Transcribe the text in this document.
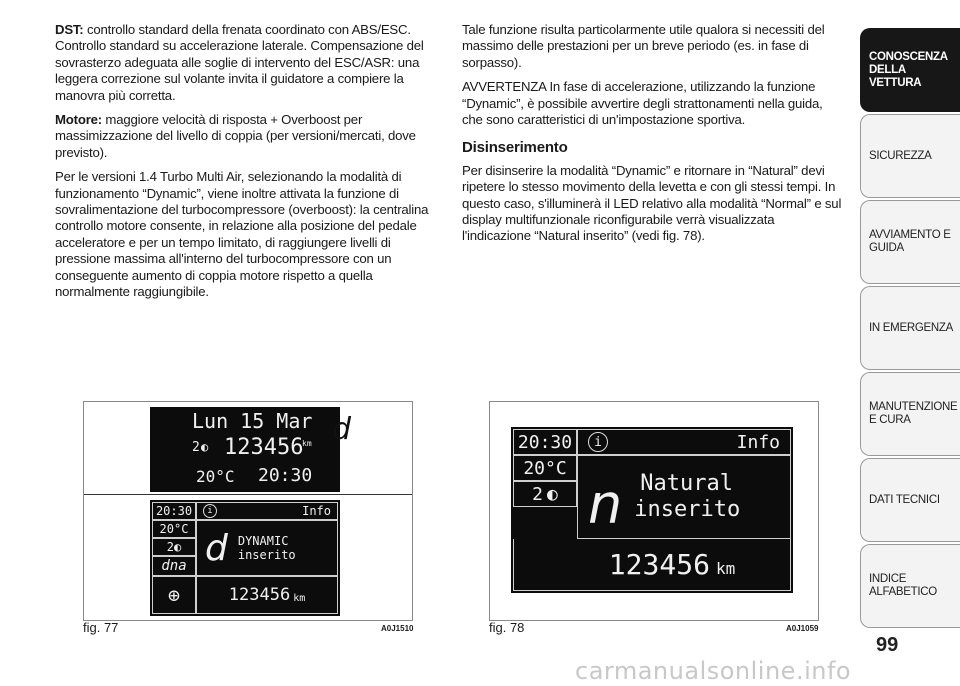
DST: controllo standard della frenata coordinato con ABS/ESC. Controllo standard su accelerazione laterale. Compensazione del sovrasterzo adeguata alle soglie di intervento del ESC/ASR: una leggera correzione sul volante invita il guidatore a compiere la manovra più corretta.

Motore: maggiore velocità di risposta + Overboost per massimizzazione del livello di coppia (per versioni/mercati, dove previsto).

Per le versioni 1.4 Turbo Multi Air, selezionando la modalità di funzionamento “Dynamic”, viene inoltre attivata la funzione di sovralimentazione del turbocompressore (overboost): la centralina controllo motore consente, in relazione alla posizione del pedale acceleratore e per un tempo limitato, di raggiungere livelli di pressione massima all'interno del turbocompressore con un conseguente aumento di coppia motore rispetto a quella normalmente raggiungibile.

Tale funzione risulta particolarmente utile qualora si necessiti del massimo delle prestazioni per un breve periodo (es. in fase di sorpasso).

AVVERTENZA In fase di accelerazione, utilizzando la funzione “Dynamic”, è possibile avvertire degli strattonamenti nella guida, che sono caratteristici di un'impostazione sportiva.

Disinserimento

Per disinserire la modalità “Dynamic” e ritornare in “Natural” devi ripetere lo stesso movimento della levetta e con gli stessi tempi. In questo caso, s'illuminerà il LED relativo alla modalità “Normal” e sul display multifunzionale riconfigurabile verrà visualizzata l'indicazione “Natural inserito” (vedi fig. 78).

Lun 15 Mar
2 ◐ 123456
km
20°C 20:30
d
20:30	i	Info
20°C
2 ◐
dna
⊕
d DYNAMIC
inserito
123456 km
fig. 77	A0J1510
20:30	i	Info
20°C
2 ◐ n Natural
inserito
123456 km
fig. 78	A0J1059
CONOSCENZA DELLA VETTURA
SICUREZZA
AVVIAMENTO E GUIDA
IN EMERGENZA
MANUTENZIONE E CURA
DATI TECNICI
INDICE ALFABETICO
99
carmanualsonline.info
